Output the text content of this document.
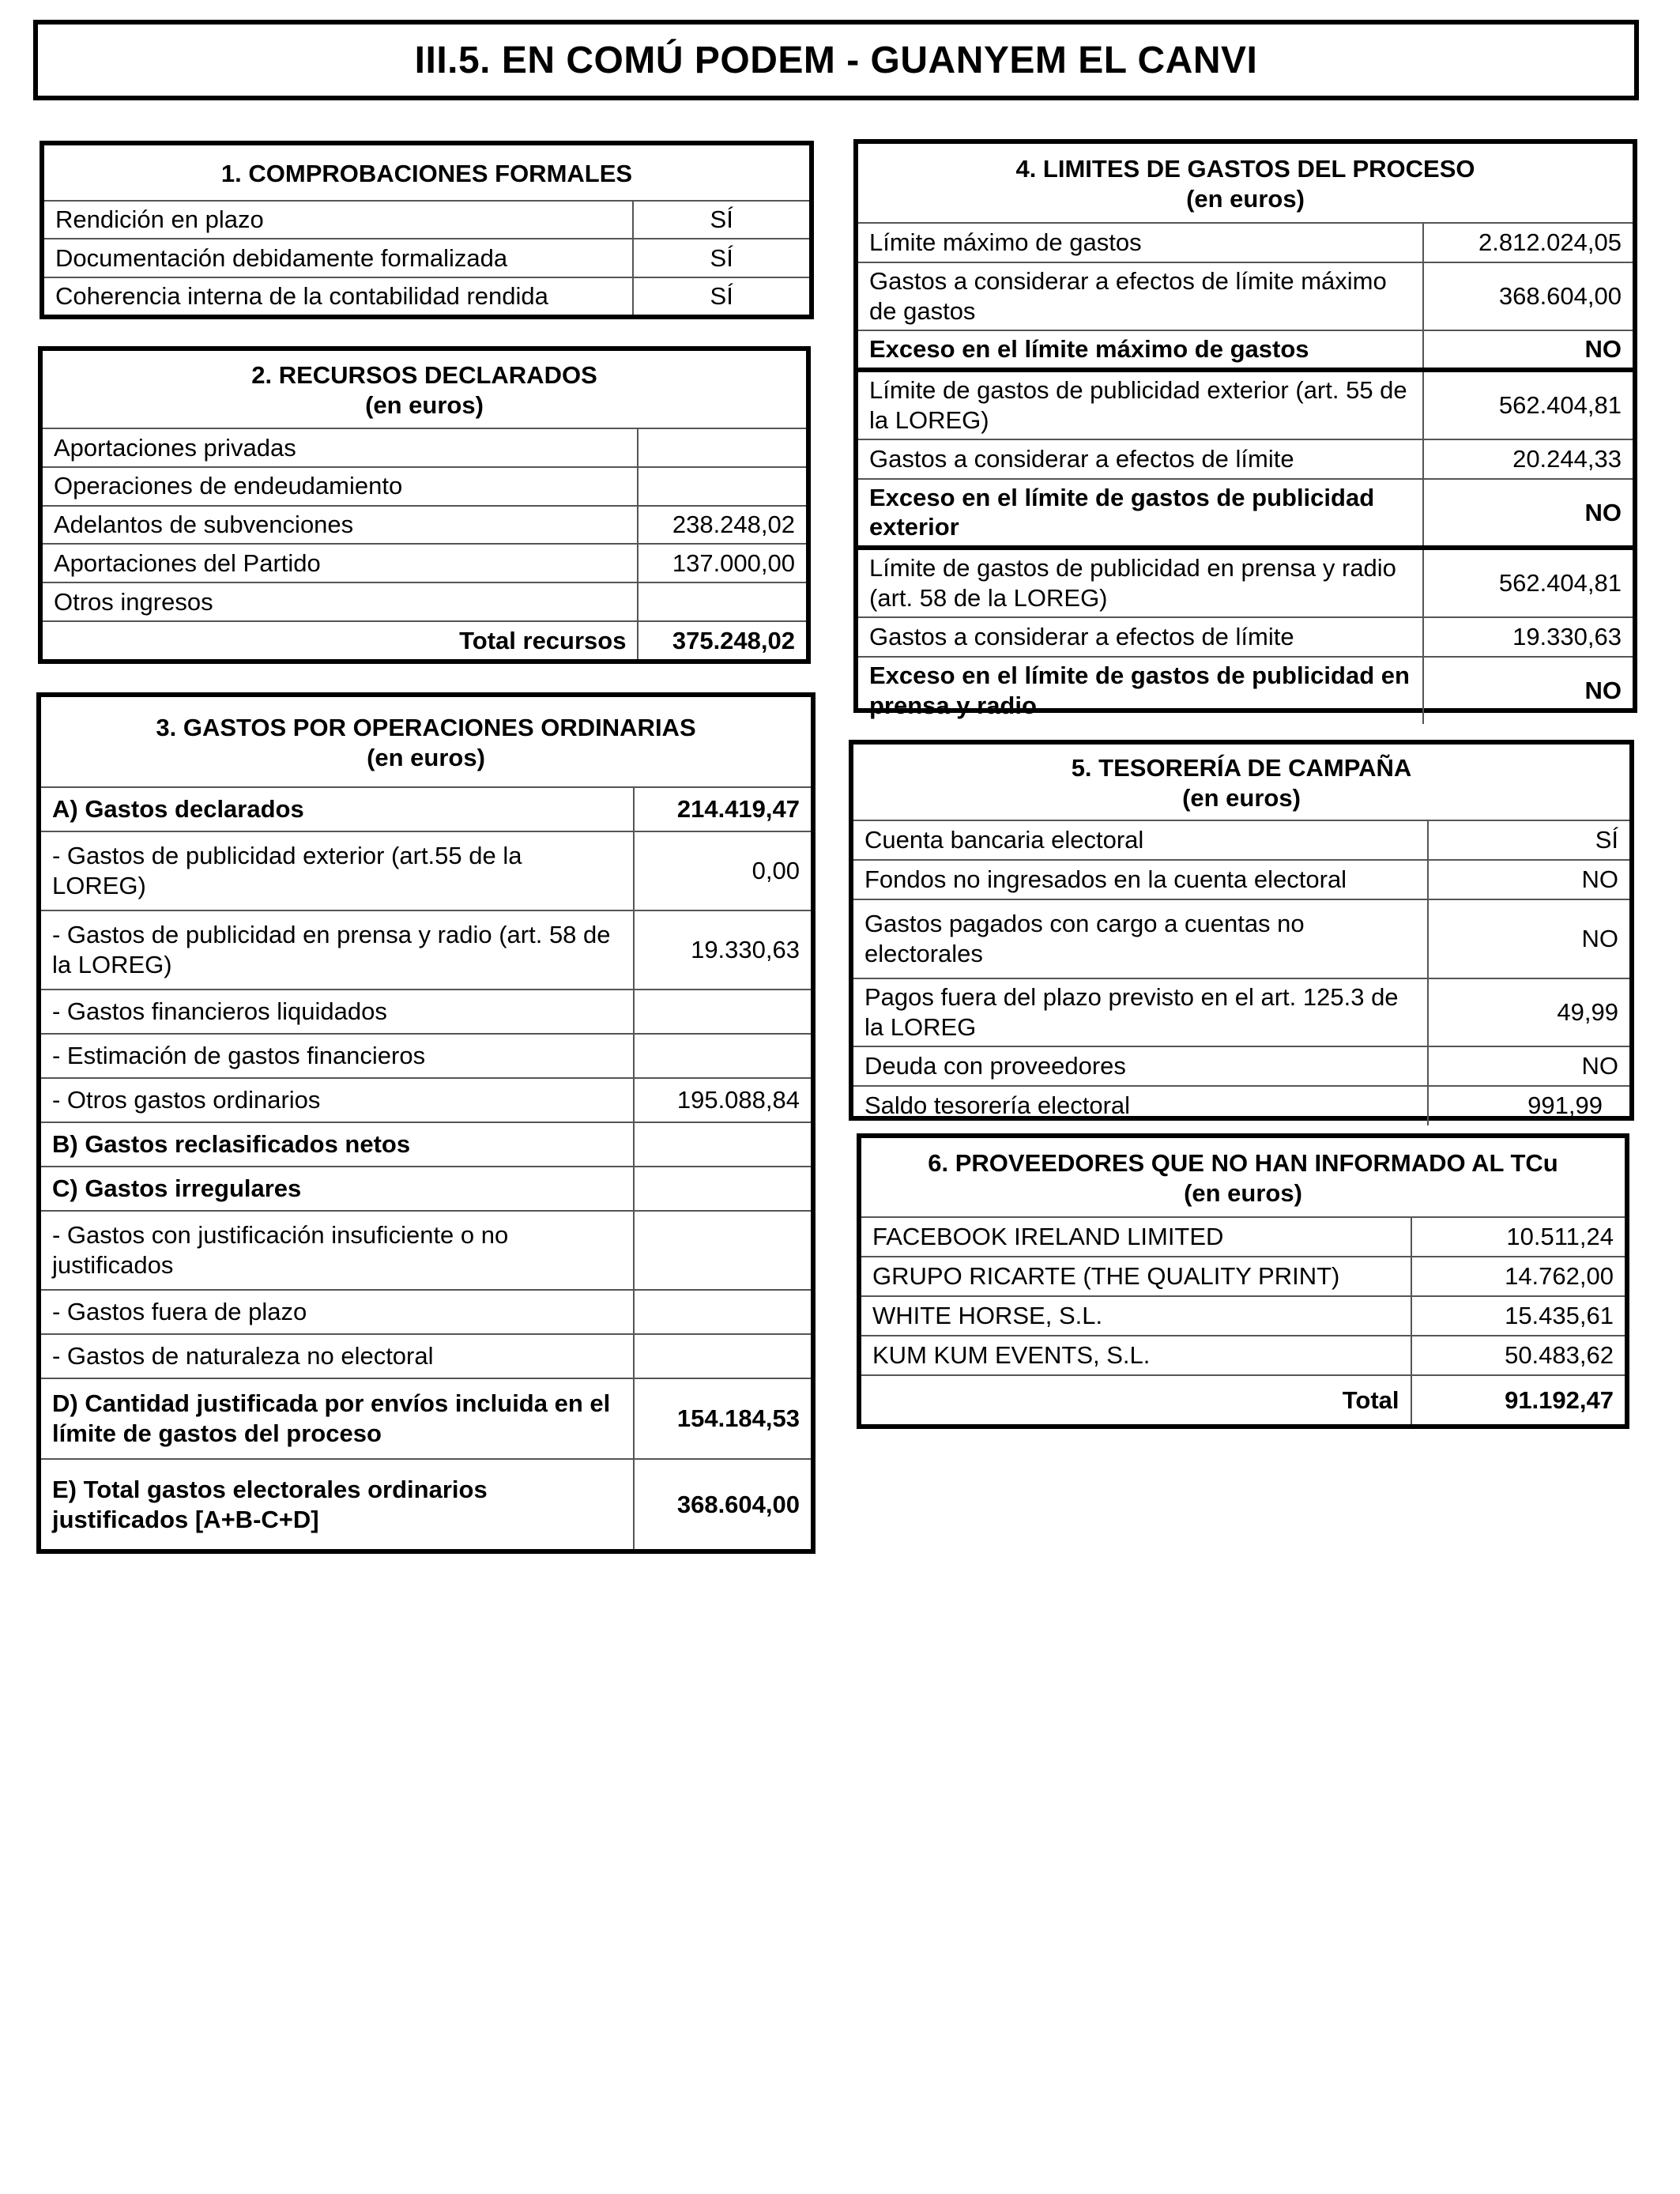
III.5. EN COMÚ PODEM - GUANYEM EL CANVI
1. COMPROBACIONES FORMALES	
Rendición en plazo	SÍ
Documentación debidamente formalizada	SÍ
Coherencia interna de la contabilidad rendida	SÍ
2. RECURSOS DECLARADOS
(en euros)	

Aportaciones privadas	
Operaciones de endeudamiento	
Adelantos de subvenciones	238.248,02
Aportaciones del Partido	137.000,00
Otros ingresos	
Total recursos	375.248,02
3. GASTOS POR OPERACIONES ORDINARIAS
(en euros)	

A) Gastos declarados	214.419,47
- Gastos de publicidad exterior (art.55 de la LOREG)	0,00
- Gastos de publicidad en prensa y radio (art. 58 de la LOREG)	19.330,63
- Gastos financieros liquidados	
- Estimación de gastos financieros	
- Otros gastos ordinarios	195.088,84
B) Gastos reclasificados netos	
C) Gastos irregulares	
- Gastos con justificación insuficiente o no justificados	
- Gastos fuera de plazo	
- Gastos de naturaleza no electoral	
D) Cantidad justificada por envíos incluida en el límite de gastos del proceso	154.184,53
E) Total gastos electorales ordinarios justificados [A+B-C+D]	368.604,00
4. LIMITES DE GASTOS DEL PROCESO
(en euros)	

Límite máximo de gastos	2.812.024,05
Gastos a considerar a efectos de límite máximo de gastos	368.604,00
Exceso en el límite máximo de gastos	NO
Límite de gastos de publicidad exterior (art. 55 de la LOREG)	562.404,81
Gastos a considerar a efectos de límite	20.244,33
Exceso en el límite de gastos de publicidad exterior	NO
Límite de gastos de publicidad en prensa y radio (art. 58 de la LOREG)	562.404,81
Gastos a considerar a efectos de límite	19.330,63
Exceso en el límite de gastos de publicidad en prensa y radio	NO
5. TESORERÍA DE CAMPAÑA
(en euros)	

Cuenta bancaria electoral	SÍ
Fondos no ingresados en la cuenta electoral	NO
Gastos pagados con cargo a cuentas no electorales	NO
Pagos fuera del plazo previsto en el art. 125.3 de la LOREG	49,99
Deuda con proveedores	NO
Saldo tesorería electoral	991,99
6. PROVEEDORES QUE NO HAN INFORMADO AL TCu
(en euros)	

FACEBOOK IRELAND LIMITED	10.511,24
GRUPO RICARTE (THE QUALITY PRINT)	14.762,00
WHITE HORSE, S.L.	15.435,61
KUM KUM EVENTS, S.L.	50.483,62
Total	91.192,47
